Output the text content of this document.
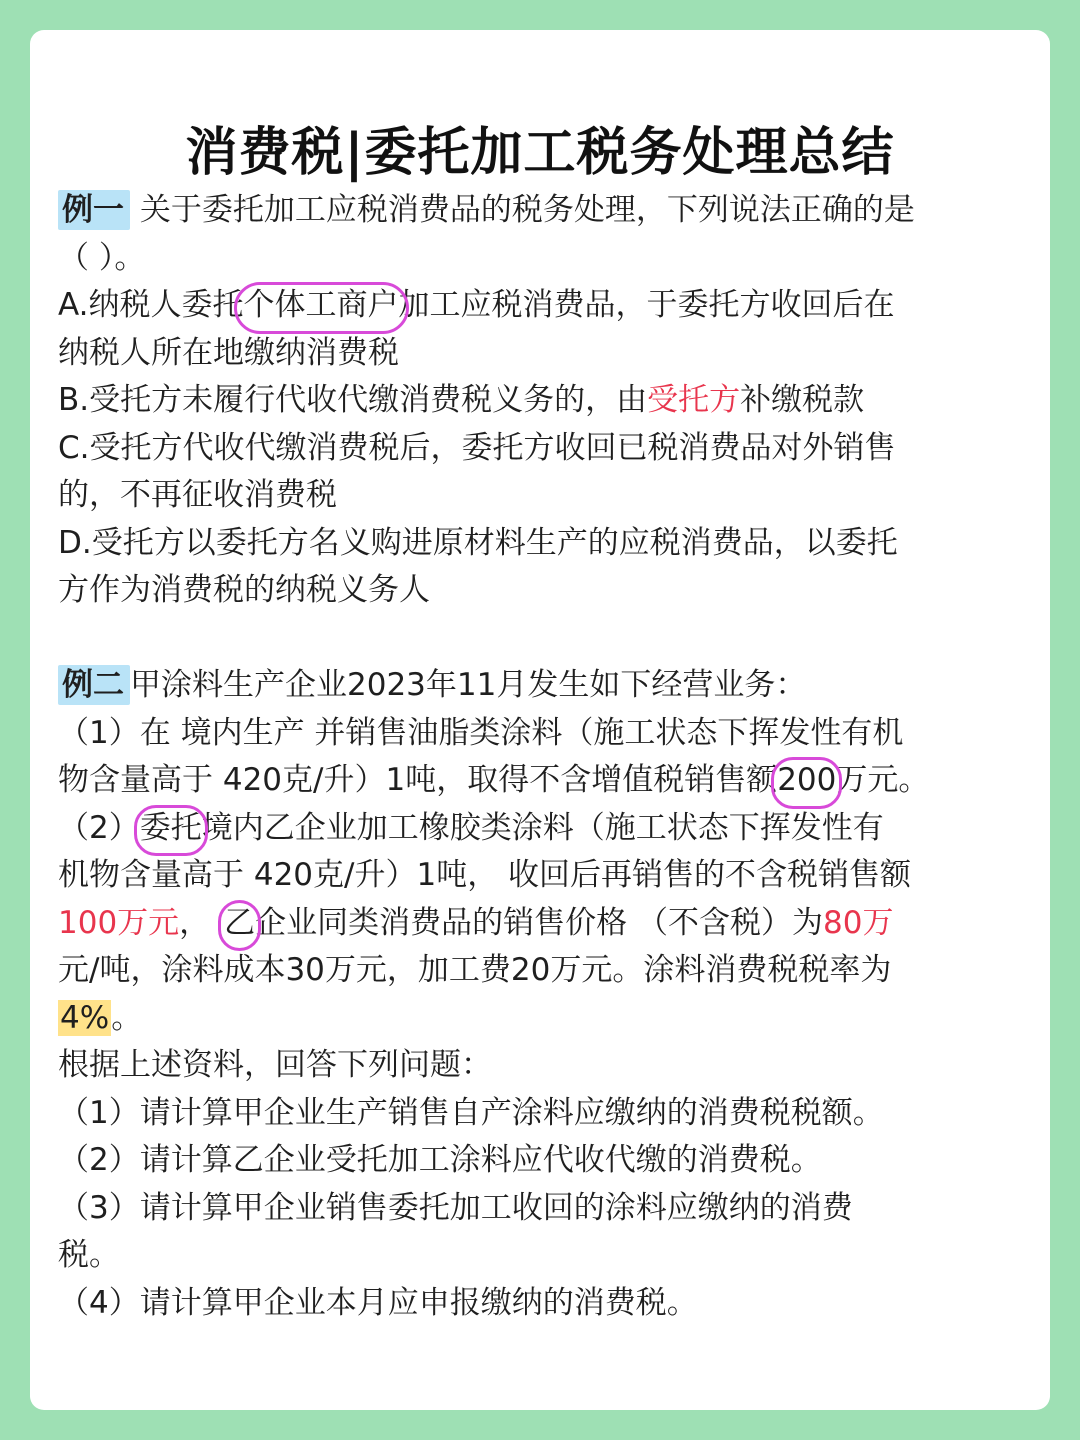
消费税|委托加工税务处理总结

例一 关于委托加工应税消费品的税务处理，下列说法正确的是

（ ）。

A.纳税人委托个体工商户加工应税消费品，于委托方收回后在

纳税人所在地缴纳消费税

B.受托方未履行代收代缴消费税义务的，由受托方补缴税款

C.受托方代收代缴消费税后，委托方收回已税消费品对外销售

的，不再征收消费税

D.受托方以委托方名义购进原材料生产的应税消费品，以委托

方作为消费税的纳税义务人

例二 甲涂料生产企业2023年11月发生如下经营业务：

（1）在 境内生产 并销售油脂类涂料（施工状态下挥发性有机

物含量高于 420克/升）1吨，取得不含增值税销售额200万元。

（2）委托境内乙企业加工橡胶类涂料（施工状态下挥发性有

机物含量高于 420克/升）1吨， 收回后再销售的不含税销售额

100万元， 乙企业同类消费品的销售价格 （不含税）为80万

元/吨，涂料成本30万元，加工费20万元。涂料消费税税率为

4%。

根据上述资料，回答下列问题：

（1）请计算甲企业生产销售自产涂料应缴纳的消费税税额。

（2）请计算乙企业受托加工涂料应代收代缴的消费税。

（3）请计算甲企业销售委托加工收回的涂料应缴纳的消费

税。

（4）请计算甲企业本月应申报缴纳的消费税。
